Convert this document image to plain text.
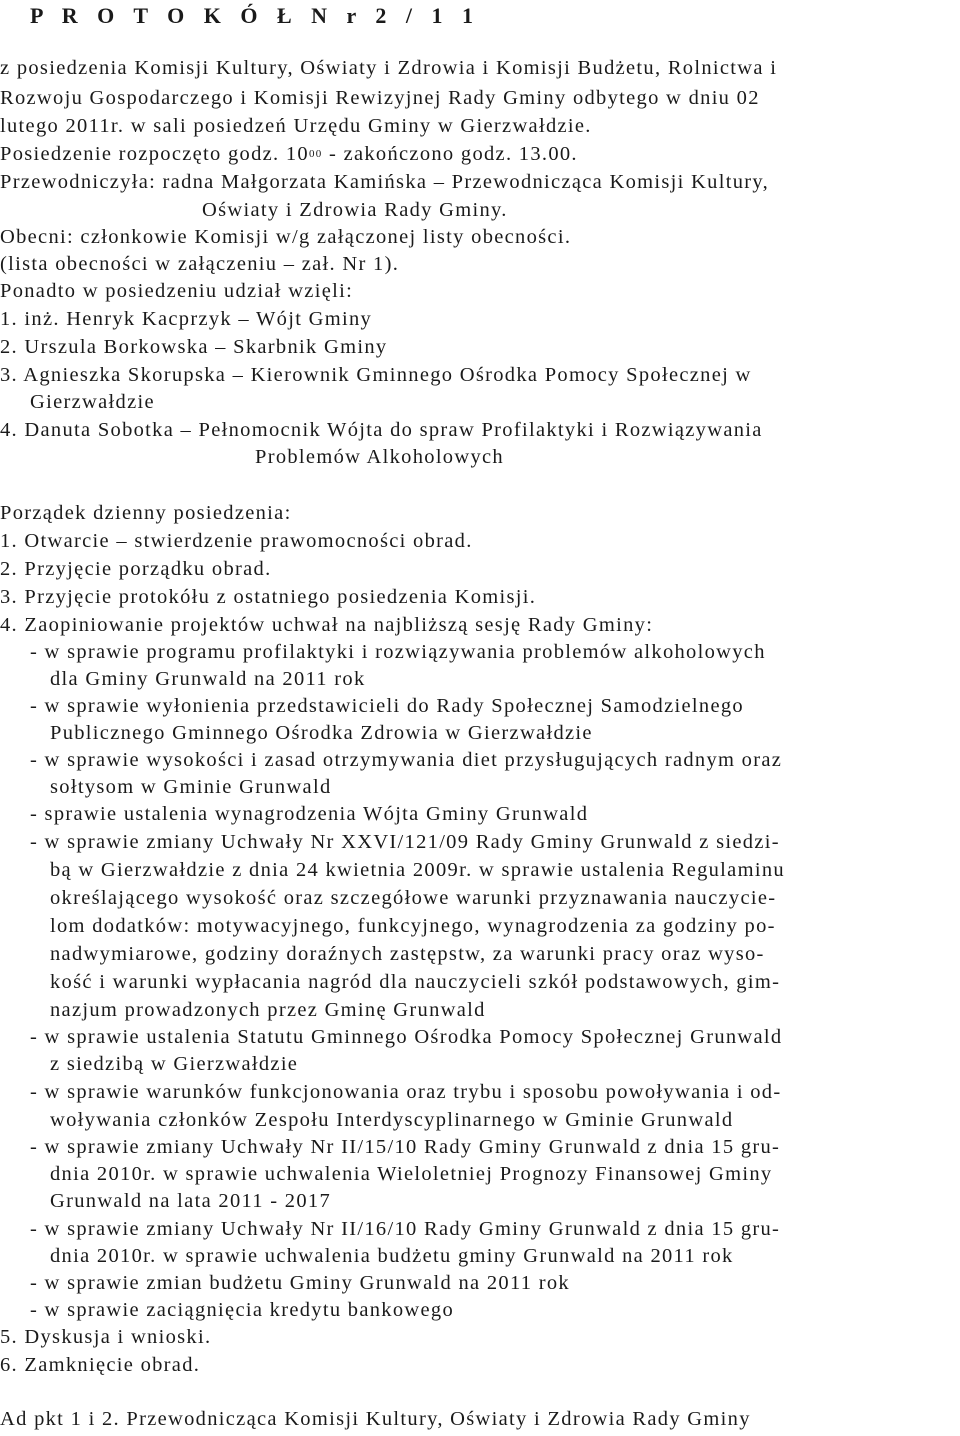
P R O T O K Ó Ł N r 2 / 1 1
z posiedzenia Komisji Kultury, Oświaty i Zdrowia i Komisji Budżetu, Rolnictwa i
Rozwoju Gospodarczego i Komisji Rewizyjnej Rady Gminy odbytego w dniu 02
lutego 2011r. w sali posiedzeń Urzędu Gminy w Gierzwałdzie.
Posiedzenie rozpoczęto godz. $10^{00}$ - zakończono godz. 13.00.
Przewodniczyła: radna Małgorzata Kamińska – Przewodnicząca Komisji Kultury,
Oświaty i Zdrowia Rady Gminy.
Obecni: członkowie Komisji w/g załączonej listy obecności.
(lista obecności w załączeniu – zał. Nr 1).
Ponadto w posiedzeniu udział wzięli:
1. inż. Henryk Kacprzyk – Wójt Gminy
2. Urszula Borkowska – Skarbnik Gminy
3. Agnieszka Skorupska – Kierownik Gminnego Ośrodka Pomocy Społecznej w
Gierzwałdzie
4. Danuta Sobotka – Pełnomocnik Wójta do spraw Profilaktyki i Rozwiązywania
Problemów Alkoholowych
Porządek dzienny posiedzenia:
1. Otwarcie – stwierdzenie prawomocności obrad.
2. Przyjęcie porządku obrad.
3. Przyjęcie protokółu z ostatniego posiedzenia Komisji.
4. Zaopiniowanie projektów uchwał na najbliższą sesję Rady Gminy:
- w sprawie programu profilaktyki i rozwiązywania problemów alkoholowych
dla Gminy Grunwald na 2011 rok
- w sprawie wyłonienia przedstawicieli do Rady Społecznej Samodzielnego
Publicznego Gminnego Ośrodka Zdrowia w Gierzwałdzie
- w sprawie wysokości i zasad otrzymywania diet przysługujących radnym oraz
sołtysom w Gminie Grunwald
- sprawie ustalenia wynagrodzenia Wójta Gminy Grunwald
- w sprawie zmiany Uchwały Nr XXVI/121/09 Rady Gminy Grunwald z siedzi-
bą w Gierzwałdzie z dnia 24 kwietnia 2009r. w sprawie ustalenia Regulaminu
określającego wysokość oraz szczegółowe warunki przyznawania nauczycie-
lom dodatków: motywacyjnego, funkcyjnego, wynagrodzenia za godziny po-
nadwymiarowe, godziny doraźnych zastępstw, za warunki pracy oraz wyso-
kość i warunki wypłacania nagród dla nauczycieli szkół podstawowych, gim-
nazjum prowadzonych przez Gminę Grunwald
- w sprawie ustalenia Statutu Gminnego Ośrodka Pomocy Społecznej Grunwald
z siedzibą w Gierzwałdzie
- w sprawie warunków funkcjonowania oraz trybu i sposobu powoływania i od-
woływania członków Zespołu Interdyscyplinarnego w Gminie Grunwald
- w sprawie zmiany Uchwały Nr II/15/10 Rady Gminy Grunwald z dnia 15 gru-
dnia 2010r. w sprawie uchwalenia Wieloletniej Prognozy Finansowej Gminy
Grunwald na lata 2011 - 2017
- w sprawie zmiany Uchwały Nr II/16/10 Rady Gminy Grunwald z dnia 15 gru-
dnia 2010r. w sprawie uchwalenia budżetu gminy Grunwald na 2011 rok
- w sprawie zmian budżetu Gminy Grunwald na 2011 rok
- w sprawie zaciągnięcia kredytu bankowego
5. Dyskusja i wnioski.
6. Zamknięcie obrad.
Ad pkt 1 i 2. Przewodnicząca Komisji Kultury, Oświaty i Zdrowia Rady Gminy
